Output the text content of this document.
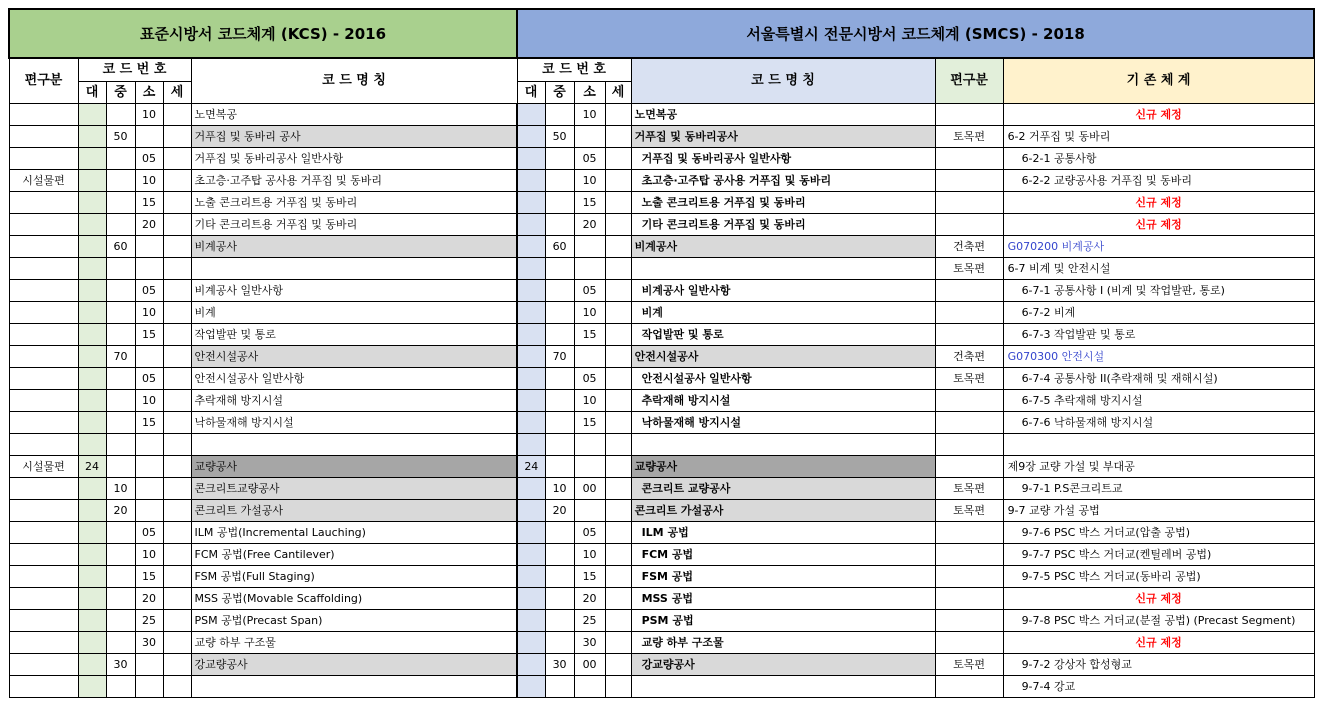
표준시방서 코드체계 (KCS) - 2016						서울특별시 전문시방서 코드체계 (SMCS) - 2018						
편구분	코 드 번 호				코 드 명 칭	코 드 번 호				코 드 명 칭	편구분	기 존 체 계
	대	중	소	세		대	중	소	세			
			10		노면복공			10		노면복공		신규 제정
		50			거푸집 및 동바리 공사		50			거푸집 및 동바리공사	토목편	6-2 거푸집 및 동바리
			05		거푸집 및 동바리공사 일반사항			05		거푸집 및 동바리공사 일반사항		6-2-1 공통사항
시설물편			10		초고층·고주탑 공사용 거푸집 및 동바리			10		초고층·고주탑 공사용 거푸집 및 동바리		6-2-2 교량공사용 거푸집 및 동바리
			15		노출 콘크리트용 거푸집 및 동바리			15		노출 콘크리트용 거푸집 및 동바리		신규 제정
			20		기타 콘크리트용 거푸집 및 동바리			20		기타 콘크리트용 거푸집 및 동바리		신규 제정
		60			비계공사		60			비계공사	건축편	G070200 비계공사
											토목편	6-7 비계 및 안전시설
			05		비계공사 일반사항			05		비계공사 일반사항		6-7-1 공통사항 I (비계 및 작업발판, 통로)
			10		비계			10		비계		6-7-2 비계
			15		작업발판 및 통로			15		작업발판 및 통로		6-7-3 작업발판 및 통로
		70			안전시설공사		70			안전시설공사	건축편	G070300 안전시설
			05		안전시설공사 일반사항			05		안전시설공사 일반사항	토목편	6-7-4 공통사항 II(추락재해 및 재해시설)
			10		추락재해 방지시설			10		추락재해 방지시설		6-7-5 추락재해 방지시설
			15		낙하물재해 방지시설			15		낙하물재해 방지시설		6-7-6 낙하물재해 방지시설

시설물편	24				교량공사	24				교량공사		제9장 교량 가설 및 부대공
		10			콘크리트교량공사		10	00		콘크리트 교량공사	토목편	9-7-1 P.S콘크리트교
		20			콘크리트 가설공사		20			콘크리트 가설공사	토목편	9-7 교량 가설 공법
			05		ILM 공법(Incremental Lauching)			05		ILM 공법		9-7-6 PSC 박스 거더교(압출 공법)
			10		FCM 공법(Free Cantilever)			10		FCM 공법		9-7-7 PSC 박스 거더교(켄틸레버 공법)
			15		FSM 공법(Full Staging)			15		FSM 공법		9-7-5 PSC 박스 거더교(동바리 공법)
			20		MSS 공법(Movable Scaffolding)			20		MSS 공법		신규 제정
			25		PSM 공법(Precast Span)			25		PSM 공법		9-7-8 PSC 박스 거더교(분절 공법) (Precast Segment)
			30		교량 하부 구조물			30		교량 하부 구조물		신규 제정
		30			강교량공사		30	00		강교량공사	토목편	9-7-2 강상자 합성형교
												9-7-4 강교
